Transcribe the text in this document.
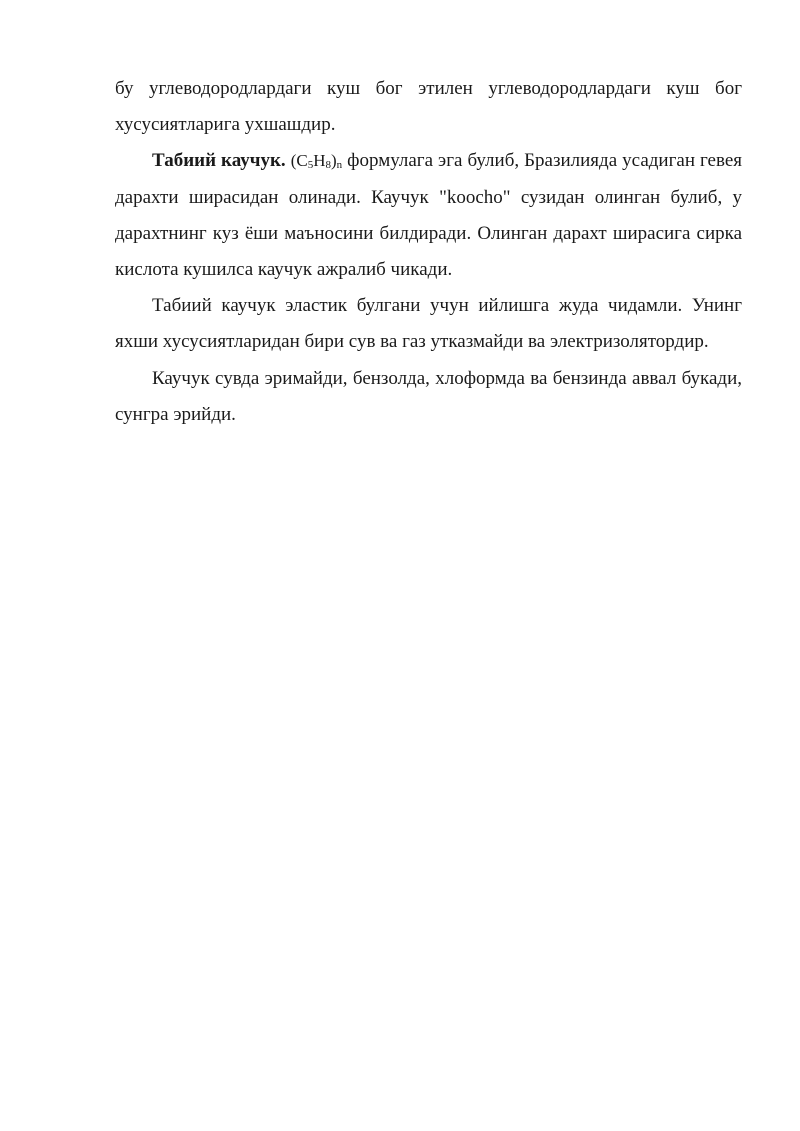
бу углеводородлардаги куш бог этилен углеводородлардаги куш бог хусусиятларига ухшашдир.

Табиий каучук. $(C_5H_8)_n$ формулага эга булиб, Бразилияда усадиган гевея дарахти ширасидан олинади. Каучук "koocho" сузидан олинган булиб, у дарахтнинг куз ёши маъносини билдиради. Олинган дарахт ширасига сирка кислота кушилса каучук ажралиб чикади.

Табиий каучук эластик булгани учун ийлишга жуда чидамли. Унинг яхши хусусиятларидан бири сув ва газ утказмайди ва электризолятордир.

Каучук сувда эримайди, бензолда, хлоформда ва бензинда аввал букади, сунгра эрийди.
